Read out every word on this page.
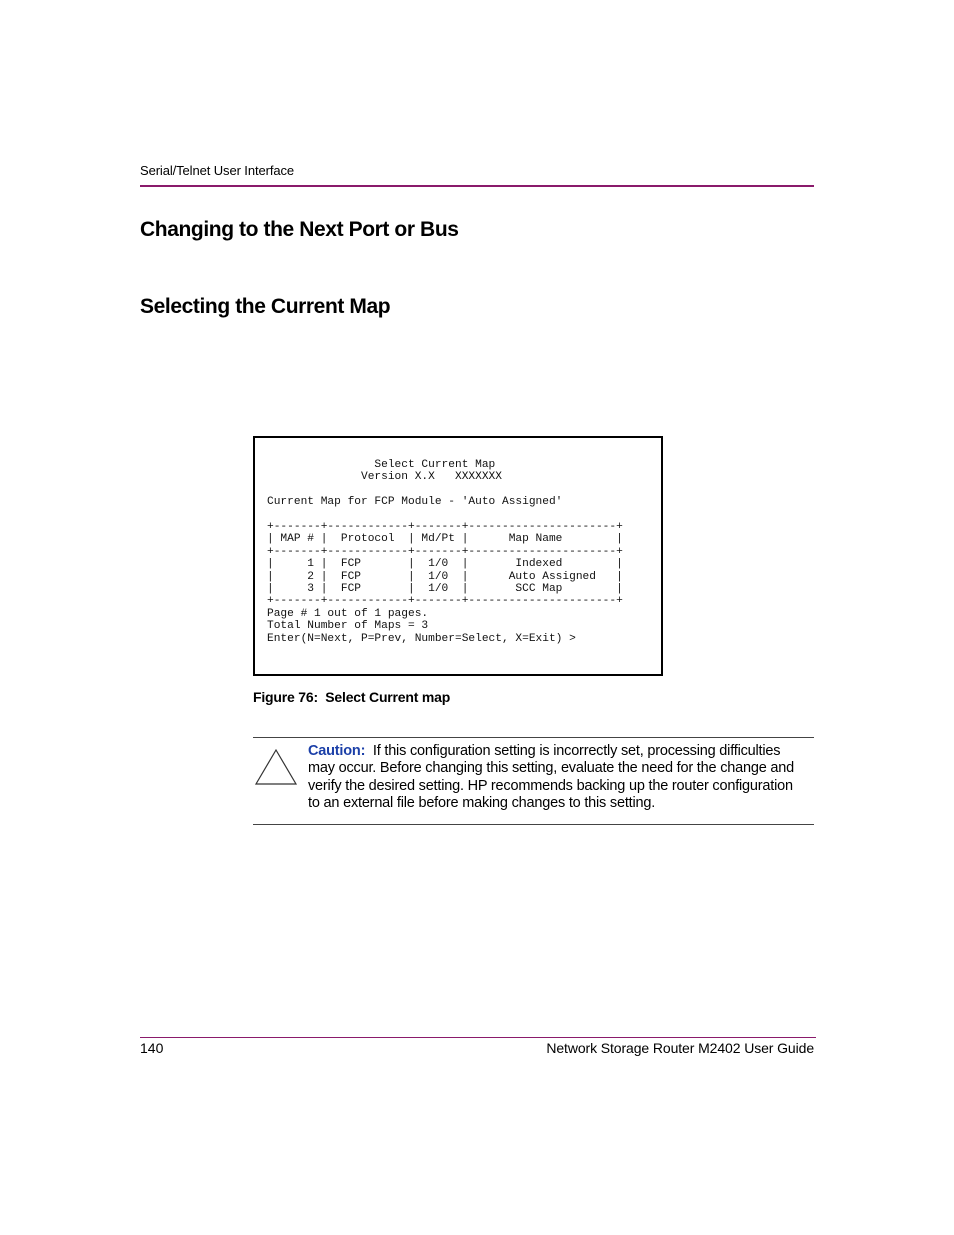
Serial/Telnet User Interface
Changing to the Next Port or Bus
Selecting the Current Map
Select Current Map
Version X.X   XXXXXXX

Current Map for FCP Module - 'Auto Assigned'

+-------+------------+-------+----------------------+
| MAP # |  Protocol  | Md/Pt |      Map Name        |
+-------+------------+-------+----------------------+
|     1 |  FCP       |  1/0  |       Indexed        |
|     2 |  FCP       |  1/0  |      Auto Assigned   |
|     3 |  FCP       |  1/0  |       SCC Map        |
+-------+------------+-------+----------------------+
Page # 1 out of 1 pages.
Total Number of Maps = 3
Enter(N=Next, P=Prev, Number=Select, X=Exit) >
Figure 76: Select Current map
Caution: If this configuration setting is incorrectly set, processing difficulties may occur. Before changing this setting, evaluate the need for the change and verify the desired setting. HP recommends backing up the router configuration to an external file before making changes to this setting.
140	Network Storage Router M2402 User Guide
